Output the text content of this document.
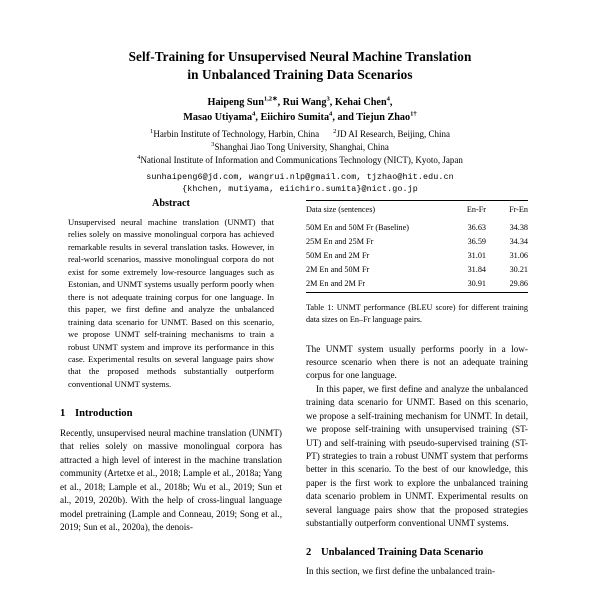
Self-Training for Unsupervised Neural Machine Translation
in Unbalanced Training Data Scenarios
Haipeng Sun$^{1,2∗}$, Rui Wang$^3$, Kehai Chen$^4$,
Masao Utiyama$^4$, Eiichiro Sumita$^4$, and Tiejun Zhao$^{1\dagger}$
$^1$Harbin Institute of Technology, Harbin, China $^2$JD AI Research, Beijing, China
$^3$Shanghai Jiao Tong University, Shanghai, China
$^4$National Institute of Information and Communications Technology (NICT), Kyoto, Japan
sunhaipeng6@jd.com, wangrui.nlp@gmail.com, tjzhao@hit.edu.cn
{khchen, mutiyama, eiichiro.sumita}@nict.go.jp
Abstract

Unsupervised neural machine translation (UNMT) that relies solely on massive monolingual corpora has achieved remarkable results in several translation tasks. However, in real-world scenarios, massive monolingual corpora do not exist for some extremely low-resource languages such as Estonian, and UNMT systems usually perform poorly when there is not adequate training corpus for one language. In this paper, we first define and analyze the unbalanced training data scenario for UNMT. Based on this scenario, we propose UNMT self-training mechanisms to train a robust UNMT system and improve its performance in this case. Experimental results on several language pairs show that the proposed methods substantially outperform conventional UNMT systems.

1 Introduction

Recently, unsupervised neural machine translation (UNMT) that relies solely on massive monolingual corpora has attracted a high level of interest in the machine translation community (Artetxe et al., 2018; Lample et al., 2018a; Yang et al., 2018; Lample et al., 2018b; Wu et al., 2019; Sun et al., 2019, 2020b). With the help of cross-lingual language model pretraining (Lample and Conneau, 2019; Song et al., 2019; Sun et al., 2020a), the denois-

Data size (sentences)	En-Fr	Fr-En
50M En and 50M Fr (Baseline)	36.63	34.38
25M En and 25M Fr	36.59	34.34
50M En and 2M Fr	31.01	31.06
2M En and 50M Fr	31.84	30.21
2M En and 2M Fr	30.91	29.86

Table 1: UNMT performance (BLEU score) for different training data sizes on En–Fr language pairs.

The UNMT system usually performs poorly in a low-resource scenario when there is not an adequate training corpus for one language.

In this paper, we first define and analyze the unbalanced training data scenario for UNMT. Based on this scenario, we propose a self-training mechanism for UNMT. In detail, we propose self-training with unsupervised training (ST-UT) and self-training with pseudo-supervised training (ST-PT) strategies to train a robust UNMT system that performs better in this scenario. To the best of our knowledge, this paper is the first work to explore the unbalanced training data scenario problem in UNMT. Experimental results on several language pairs show that the proposed strategies substantially outperform conventional UNMT systems.

2 Unbalanced Training Data Scenario

In this section, we first define the unbalanced train-
